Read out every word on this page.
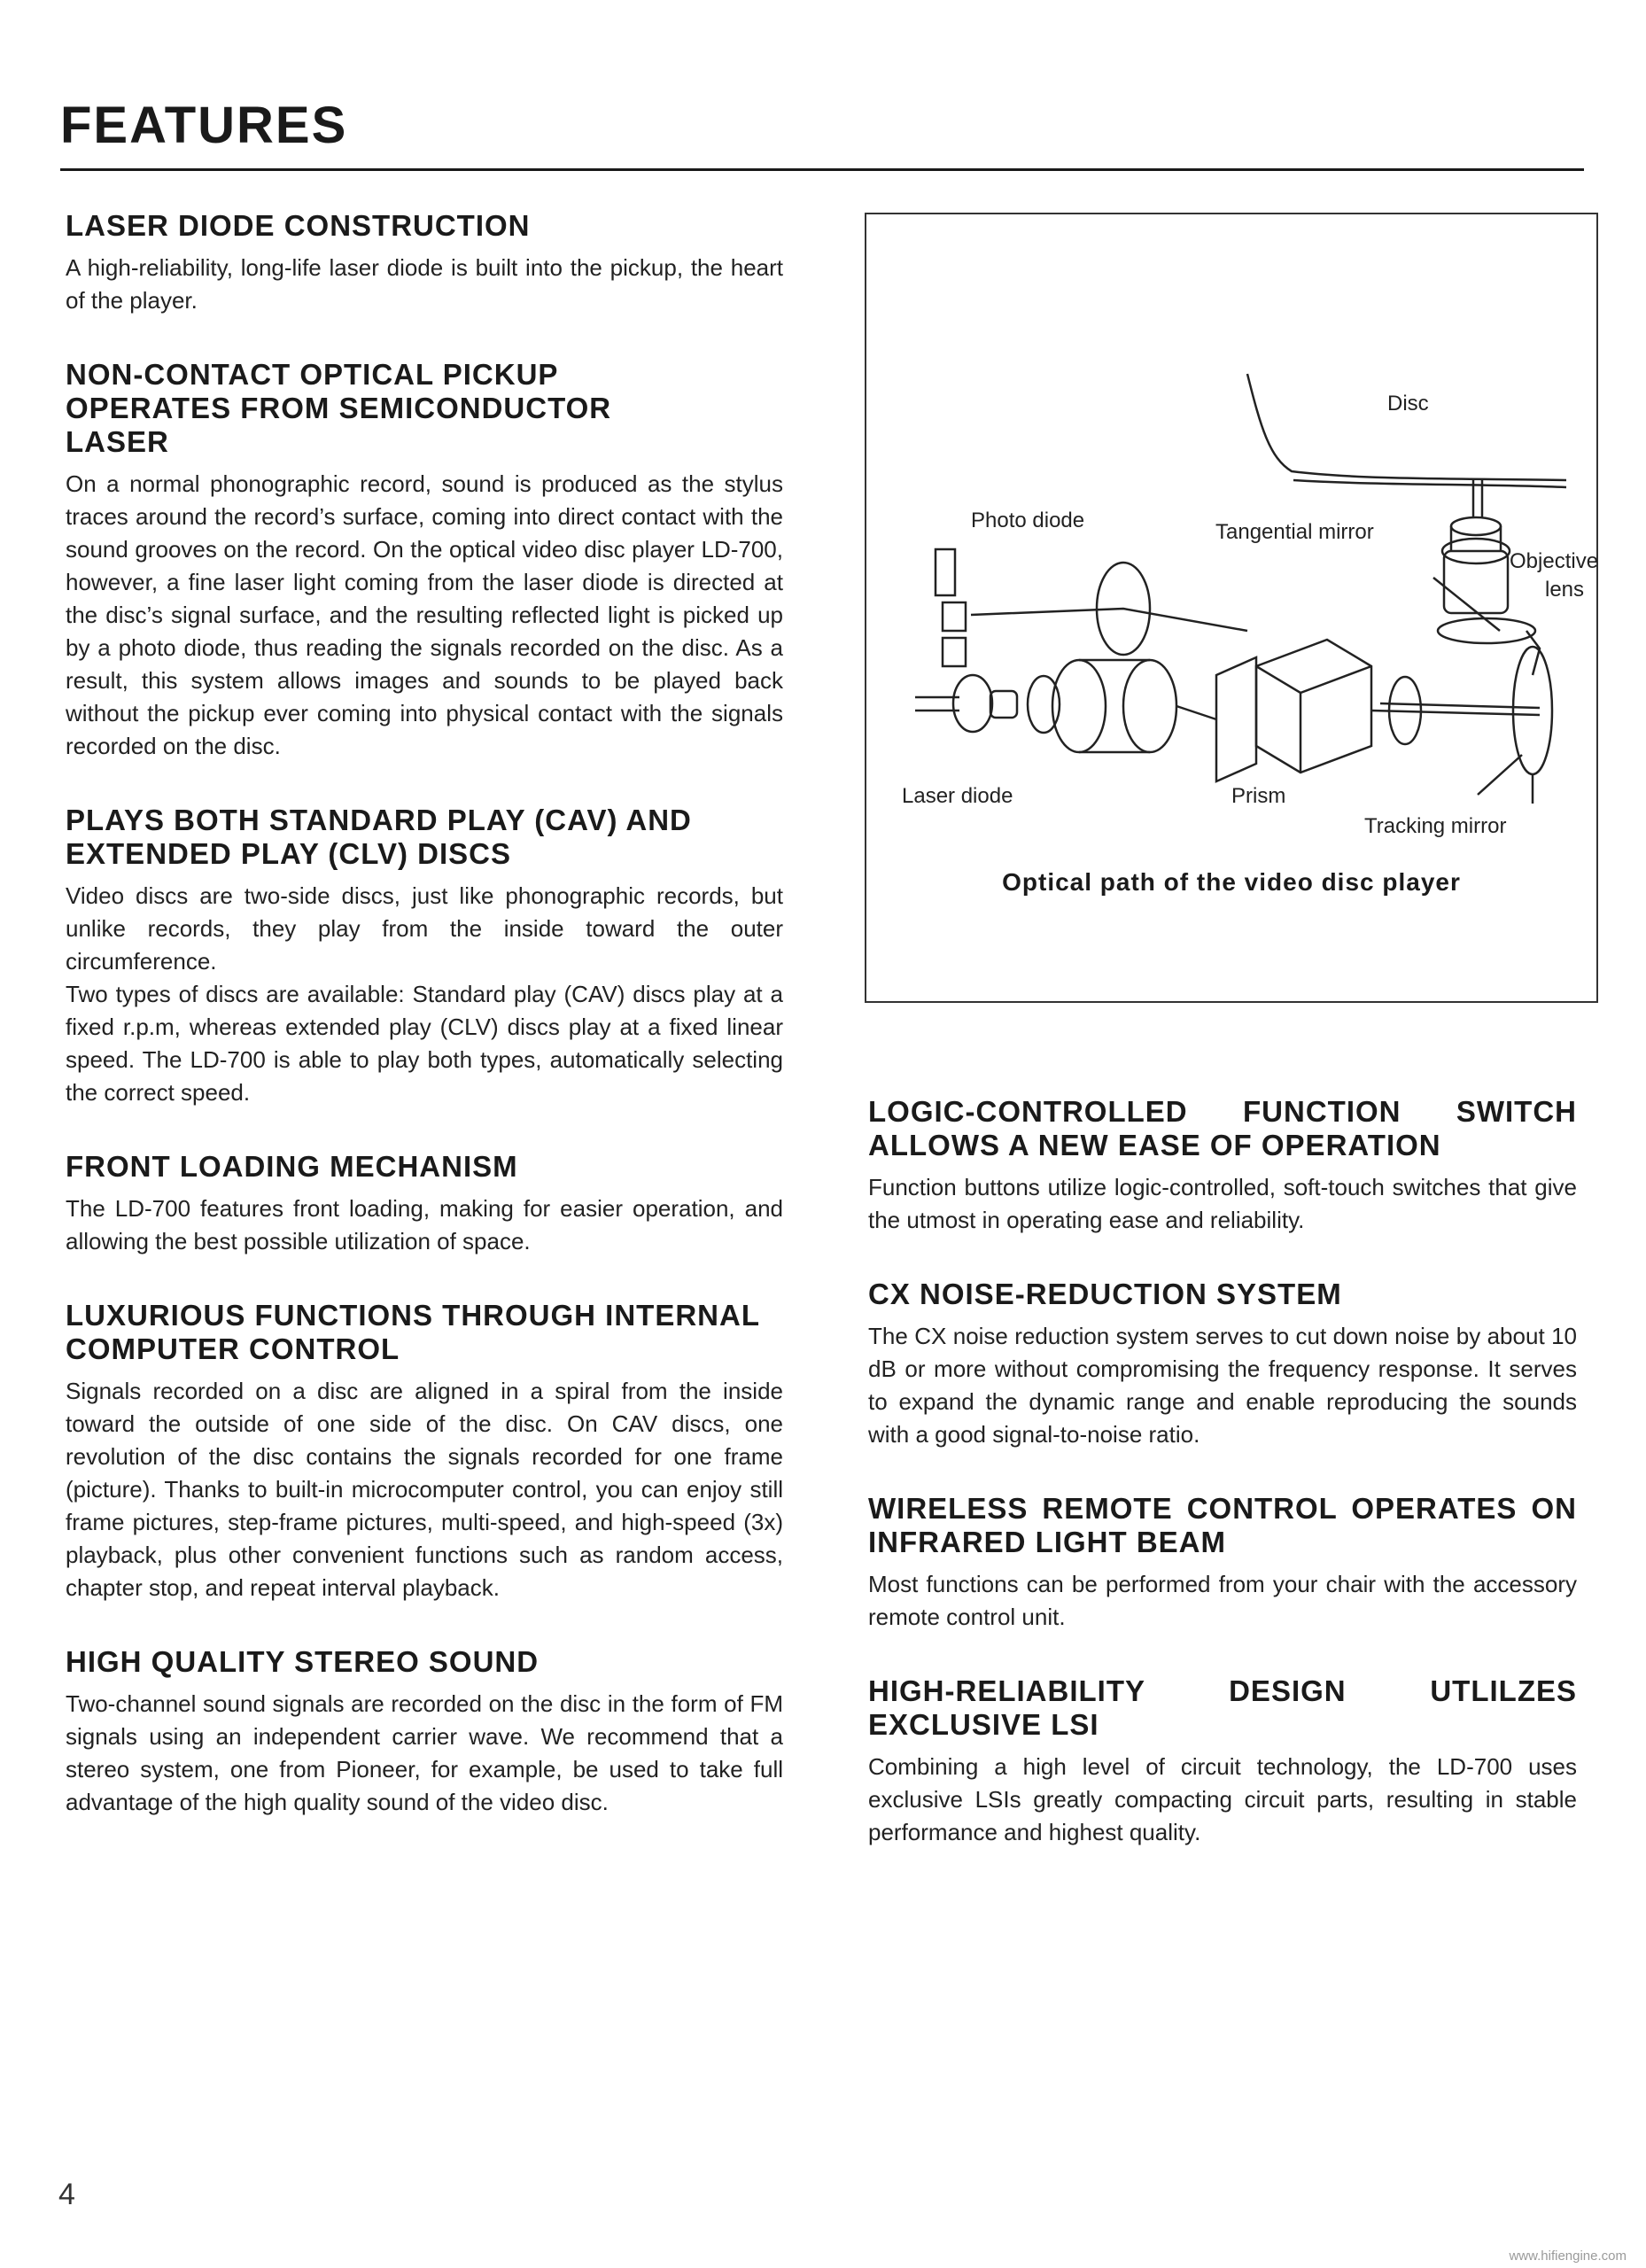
FEATURES
LASER DIODE CONSTRUCTION

A high-reliability, long-life laser diode is built into the pickup, the heart of the player.

NON-CONTACT OPTICAL PICKUP OPERATES FROM SEMICONDUCTOR LASER

On a normal phonographic record, sound is produced as the stylus traces around the record’s surface, coming into direct contact with the sound grooves on the record. On the optical video disc player LD-700, however, a fine laser light coming from the laser diode is directed at the disc’s signal surface, and the resulting reflected light is picked up by a photo diode, thus reading the signals recorded on the disc. As a result, this system allows images and sounds to be played back without the pickup ever coming into physical contact with the signals recorded on the disc.

PLAYS BOTH STANDARD PLAY (CAV) AND EXTENDED PLAY (CLV) DISCS

Video discs are two-side discs, just like phonographic records, but unlike records, they play from the inside toward the outer circumference.

Two types of discs are available: Standard play (CAV) discs play at a fixed r.p.m, whereas extended play (CLV) discs play at a fixed linear speed. The LD-700 is able to play both types, automatically selecting the correct speed.

FRONT LOADING MECHANISM

The LD-700 features front loading, making for easier operation, and allowing the best possible utilization of space.

LUXURIOUS FUNCTIONS THROUGH INTERNAL COMPUTER CONTROL

Signals recorded on a disc are aligned in a spiral from the inside toward the outside of one side of the disc. On CAV discs, one revolution of the disc contains the signals recorded for one frame (picture). Thanks to built-in microcomputer control, you can enjoy still frame pictures, step-frame pictures, multi-speed, and high-speed (3x) playback, plus other convenient functions such as random access, chapter stop, and repeat interval playback.

HIGH QUALITY STEREO SOUND

Two-channel sound signals are recorded on the disc in the form of FM signals using an independent carrier wave. We recommend that a stereo system, one from Pioneer, for example, be used to take full advantage of the high quality sound of the video disc.

Disc
Photo diode	Tangential mirror
Objective
lens
Laser diode	Prism
Tracking mirror
Optical path of the video disc player
LOGIC-CONTROLLED FUNCTION SWITCH ALLOWS A NEW EASE OF OPERATION

Function buttons utilize logic-controlled, soft-touch switches that give the utmost in operating ease and reliability.

CX NOISE-REDUCTION SYSTEM

The CX noise reduction system serves to cut down noise by about 10 dB or more without compromising the frequency response. It serves to expand the dynamic range and enable reproducing the sounds with a good signal-to-noise ratio.

WIRELESS REMOTE CONTROL OPERATES ON INFRARED LIGHT BEAM

Most functions can be performed from your chair with the accessory remote control unit.

HIGH-RELIABILITY DESIGN UTLILZES EXCLUSIVE LSI

Combining a high level of circuit technology, the LD-700 uses exclusive LSIs greatly compacting circuit parts, resulting in stable performance and highest quality.

4
www.hifiengine.com
